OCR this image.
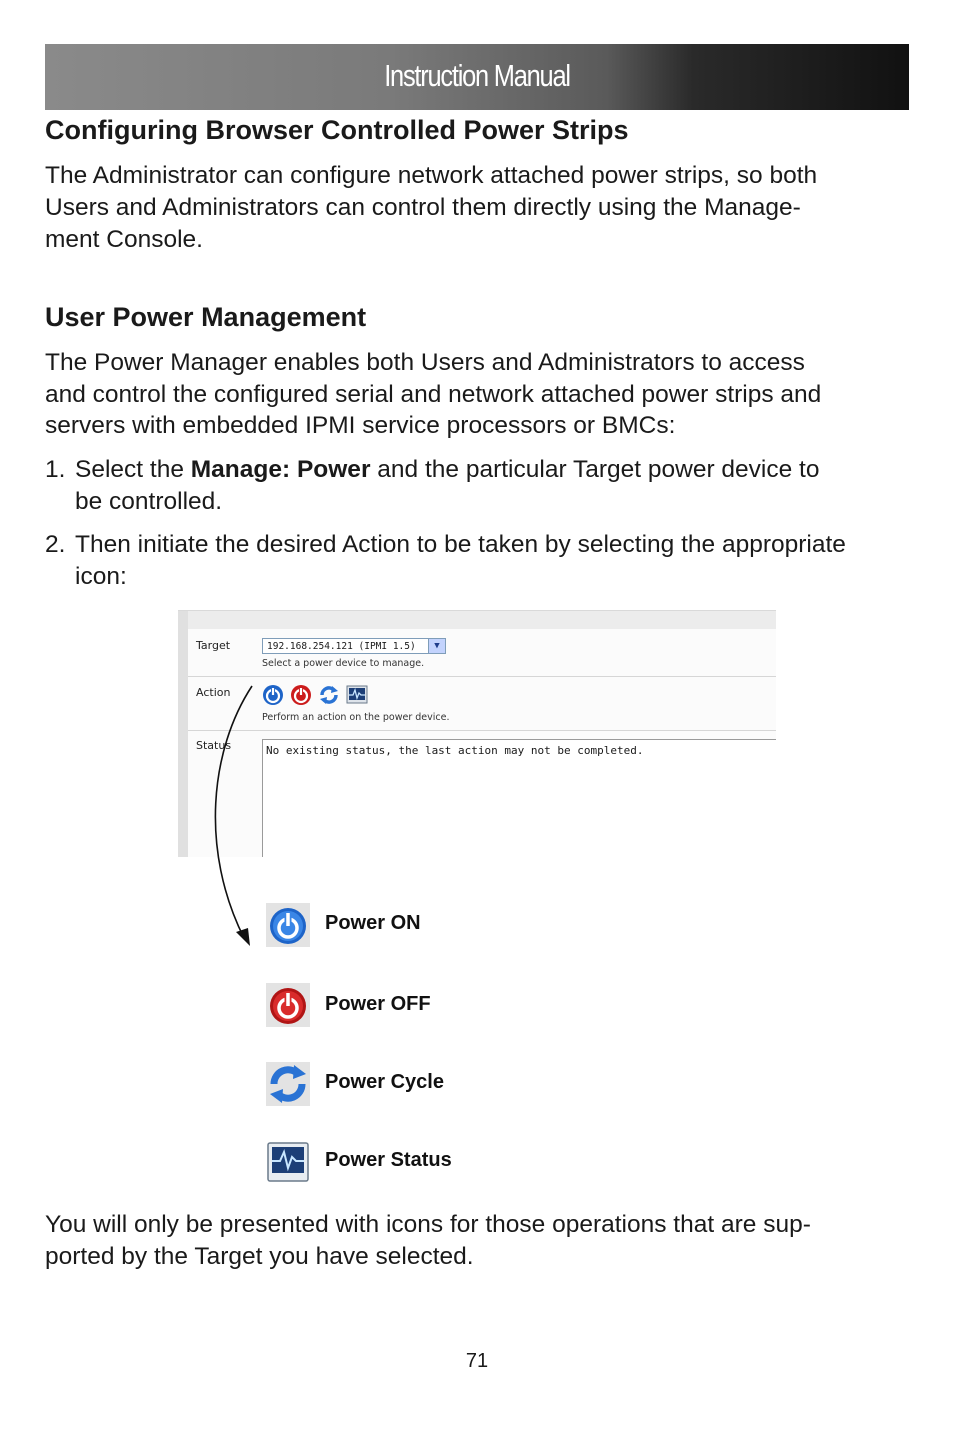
Instruction Manual
Configuring Browser Controlled Power Strips

The Administrator can configure network attached power strips, so both

Users and Administrators can control them directly using the Manage-

ment Console.

User Power Management

The Power Manager enables both Users and Administrators to access

and control the configured serial and network attached power strips and

servers with embedded IPMI service processors or BMCs:

1. Select the Manage: Power and the particular Target power device to

be controlled.

2. Then initiate the desired Action to be taken by selecting the appropriate

icon:

Target	192.168.254.121 (IPMI 1.5)	▼
Select a power device to manage.
Action
Perform an action on the power device.
Status	No existing status, the last action may not be completed.
Power ON
Power OFF
Power Cycle
Power Status

You will only be presented with icons for those operations that are sup-

ported by the Target you have selected.

71
